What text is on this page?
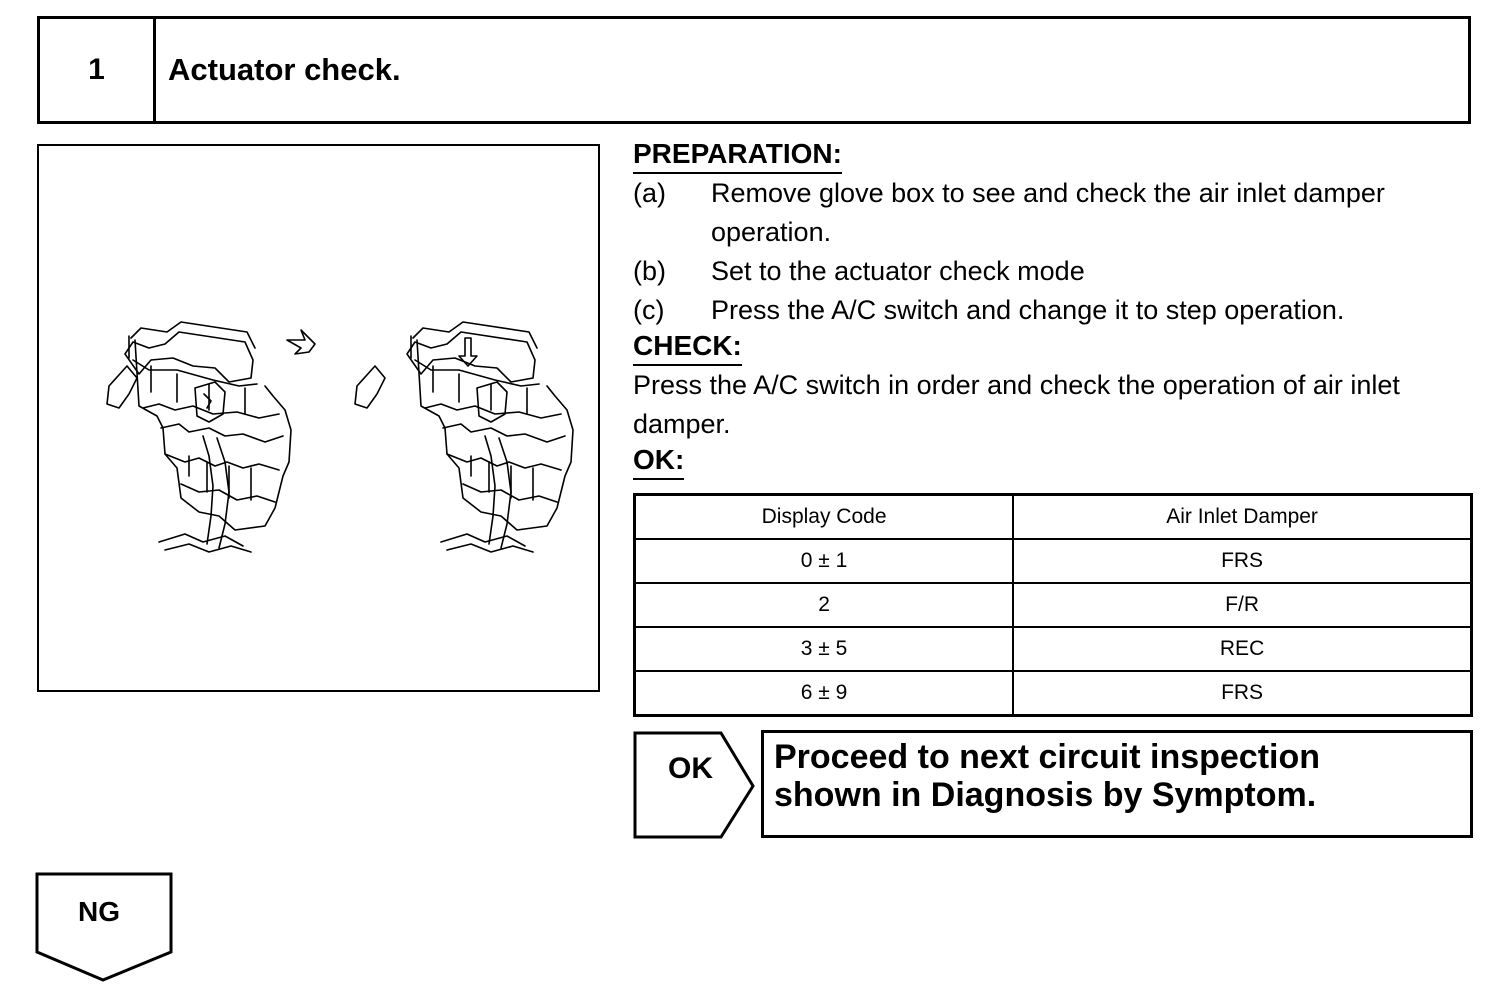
1	Actuator check.
PREPARATION:
(a)	Remove glove box to see and check the air inlet damper operation.
(b)	Set to the actuator check mode
(c)	Press the A/C switch and change it to step operation.
CHECK:
Press the A/C switch in order and check the operation of air inlet damper.
OK:
Display Code	Air Inlet Damper
0 ± 1	FRS
2	F/R
3 ± 5	REC
6 ± 9	FRS
OK Proceed to next circuit inspection
shown in Diagnosis by Symptom.
NG
